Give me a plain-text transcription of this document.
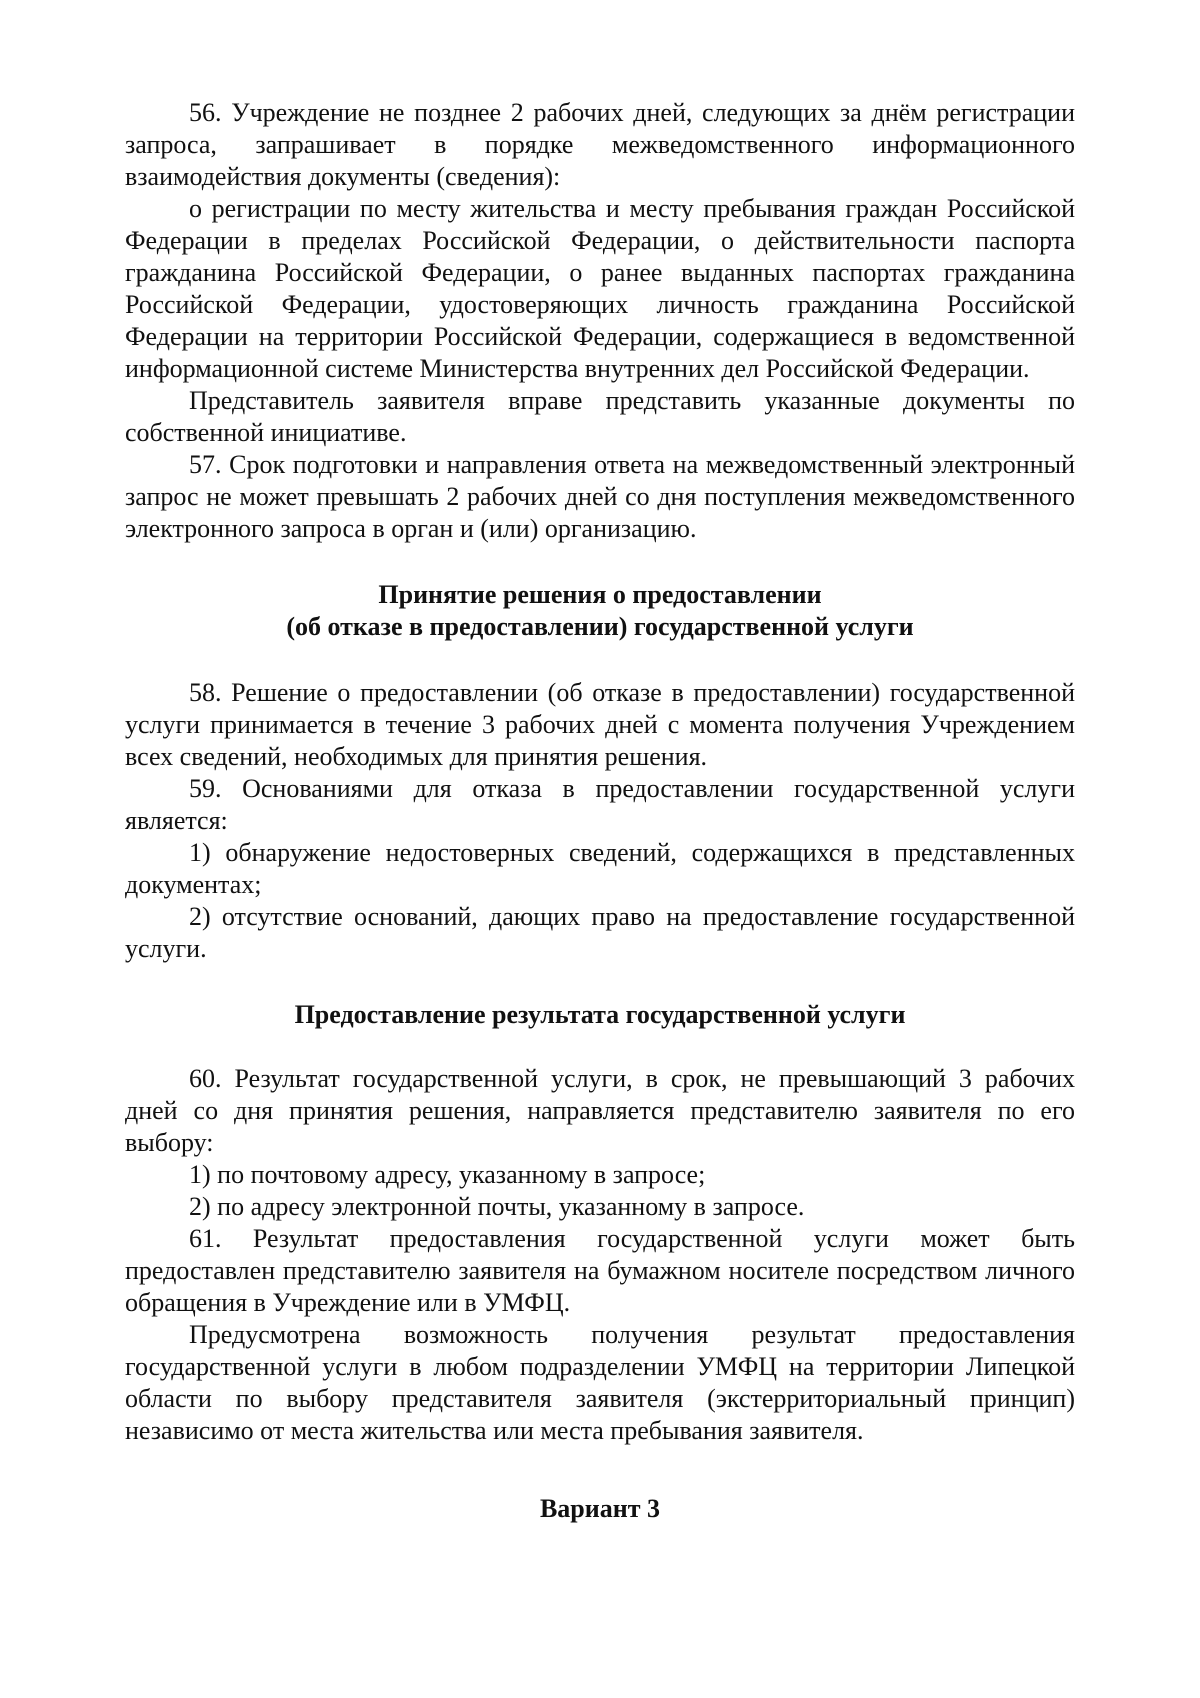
56. Учреждение не позднее 2 рабочих дней, следующих за днём регистрации запроса, запрашивает в порядке межведомственного информационного взаимодействия документы (сведения):

о регистрации по месту жительства и месту пребывания граждан Российской Федерации в пределах Российской Федерации, о действительности паспорта гражданина Российской Федерации, о ранее выданных паспортах гражданина Российской Федерации, удостоверяющих личность гражданина Российской Федерации на территории Российской Федерации, содержащиеся в ведомственной информационной системе Министерства внутренних дел Российской Федерации.

Представитель заявителя вправе представить указанные документы по собственной инициативе.

57. Срок подготовки и направления ответа на межведомственный электронный запрос не может превышать 2 рабочих дней со дня поступления межведомственного электронного запроса в орган и (или) организацию.

Принятие решения о предоставлении
(об отказе в предоставлении) государственной услуги

58. Решение о предоставлении (об отказе в предоставлении) государственной услуги принимается в течение 3 рабочих дней с момента получения Учреждением всех сведений, необходимых для принятия решения.

59. Основаниями для отказа в предоставлении государственной услуги является:

1) обнаружение недостоверных сведений, содержащихся в представленных документах;

2) отсутствие оснований, дающих право на предоставление государственной услуги.

Предоставление результата государственной услуги

60. Результат государственной услуги, в срок, не превышающий 3 рабочих дней со дня принятия решения, направляется представителю заявителя по его выбору:

1) по почтовому адресу, указанному в запросе;

2) по адресу электронной почты, указанному в запросе.

61. Результат предоставления государственной услуги может быть предоставлен представителю заявителя на бумажном носителе посредством личного обращения в Учреждение или в УМФЦ.

Предусмотрена возможность получения результат предоставления государственной услуги в любом подразделении УМФЦ на территории Липецкой области по выбору представителя заявителя (экстерриториальный принцип) независимо от места жительства или места пребывания заявителя.

Вариант 3
